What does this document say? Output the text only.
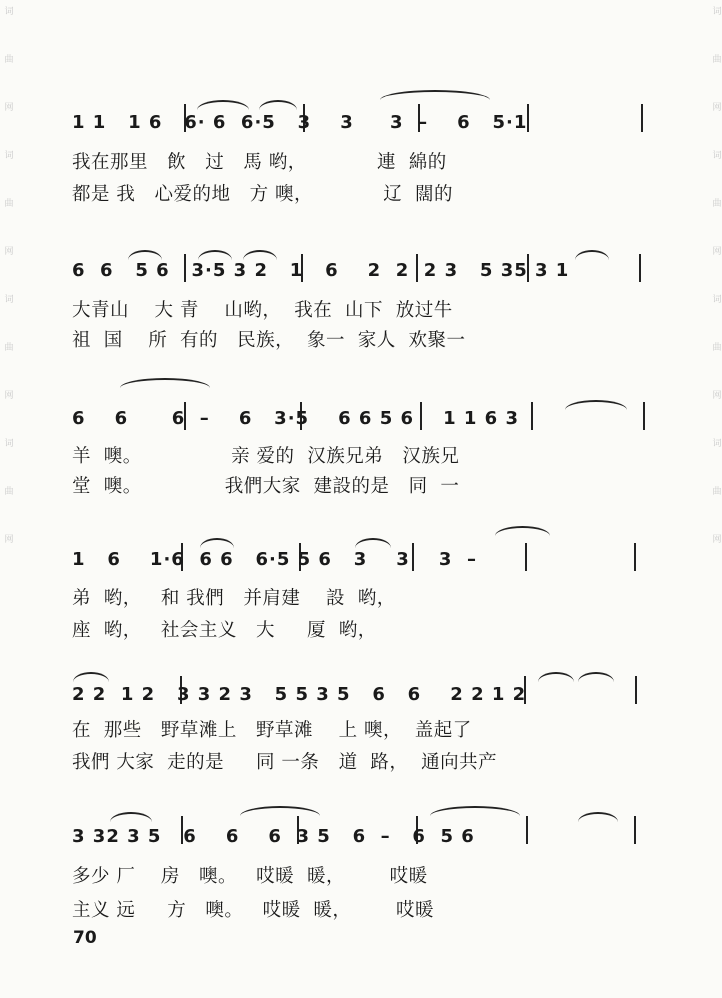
词
曲
网
词
曲
网
词
曲
网
词
曲
网
词
曲
网
词
曲
网
词
曲
网
词
曲
网
1 1   1 6   6· 6  6·5   3    3     3  –    6   5·1
我在那里   飲   过   馬 哟，           連  綿的
都是 我   心爱的地   方 噢，           辽  闊的
6  6   5 6   3·5 3 2   1   6    2  2  2 3   5 35 3 1
大青山    大 青    山哟，  我在  山下  放过牛
祖  国    所  有的   民族，  象一  家人  欢聚一
6    6      6  –    6   3·5    6 6 5 6    1 1 6 3
羊  噢。              亲 爱的  汉族兄弟   汉族兄
堂  噢。             我們大家  建設的是   同  一
1   6    1·6  6 6   6·5 5 6   3    3    3  –
弟  哟，   和 我們   并肩建    設  哟，
座  哟，   社会主义   大     厦  哟，
2 2  1 2   3 3 2 3   5 5 3 5   6   6    2 2 1 2
在  那些   野草滩上   野草滩    上 噢，  盖起了
我們 大家  走的是     同 一条   道  路，  通向共产
3 32 3 5   6    6    6  3 5   6  –   6  5 6
多少 厂    房   噢。   哎暖  暖，       哎暖
主义 远     方   噢。   哎暖  暖，       哎暖
70
